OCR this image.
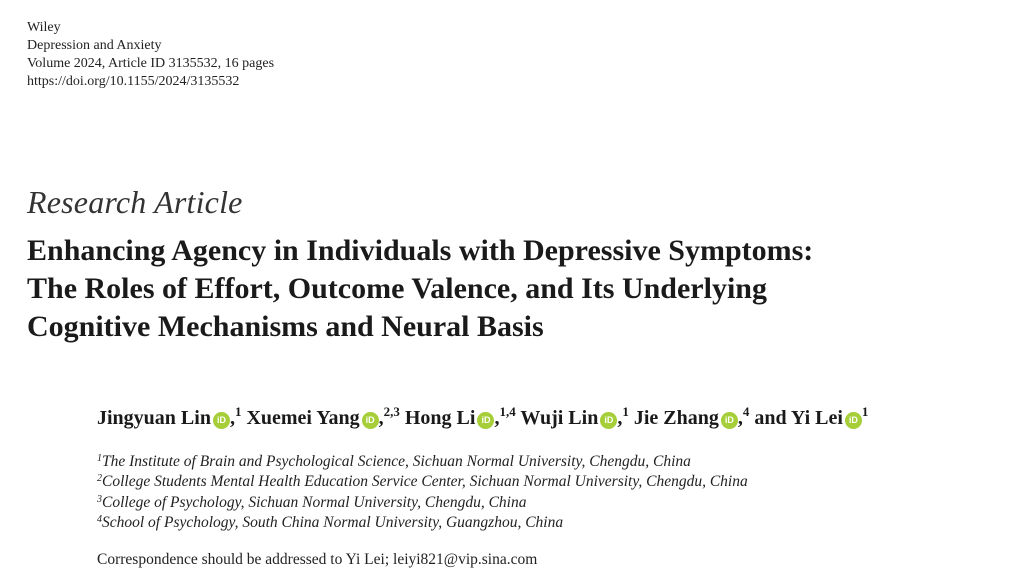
Wiley
Depression and Anxiety
Volume 2024, Article ID 3135532, 16 pages
https://doi.org/10.1155/2024/3135532
Research Article
Enhancing Agency in Individuals with Depressive Symptoms:
The Roles of Effort, Outcome Valence, and Its Underlying
Cognitive Mechanisms and Neural Basis
Jingyuan Lin iD ,$^1$ Xuemei Yang iD ,$^{2,3}$ Hong Li iD ,$^{1,4}$ Wuji Lin iD ,$^1$ Jie Zhang iD ,$^4$ and Yi Lei $iD^1$
$^1$The Institute of Brain and Psychological Science, Sichuan Normal University, Chengdu, China
$^2$College Students Mental Health Education Service Center, Sichuan Normal University, Chengdu, China
$^3$College of Psychology, Sichuan Normal University, Chengdu, China
$^4$School of Psychology, South China Normal University, Guangzhou, China
Correspondence should be addressed to Yi Lei; leiyi821@vip.sina.com
